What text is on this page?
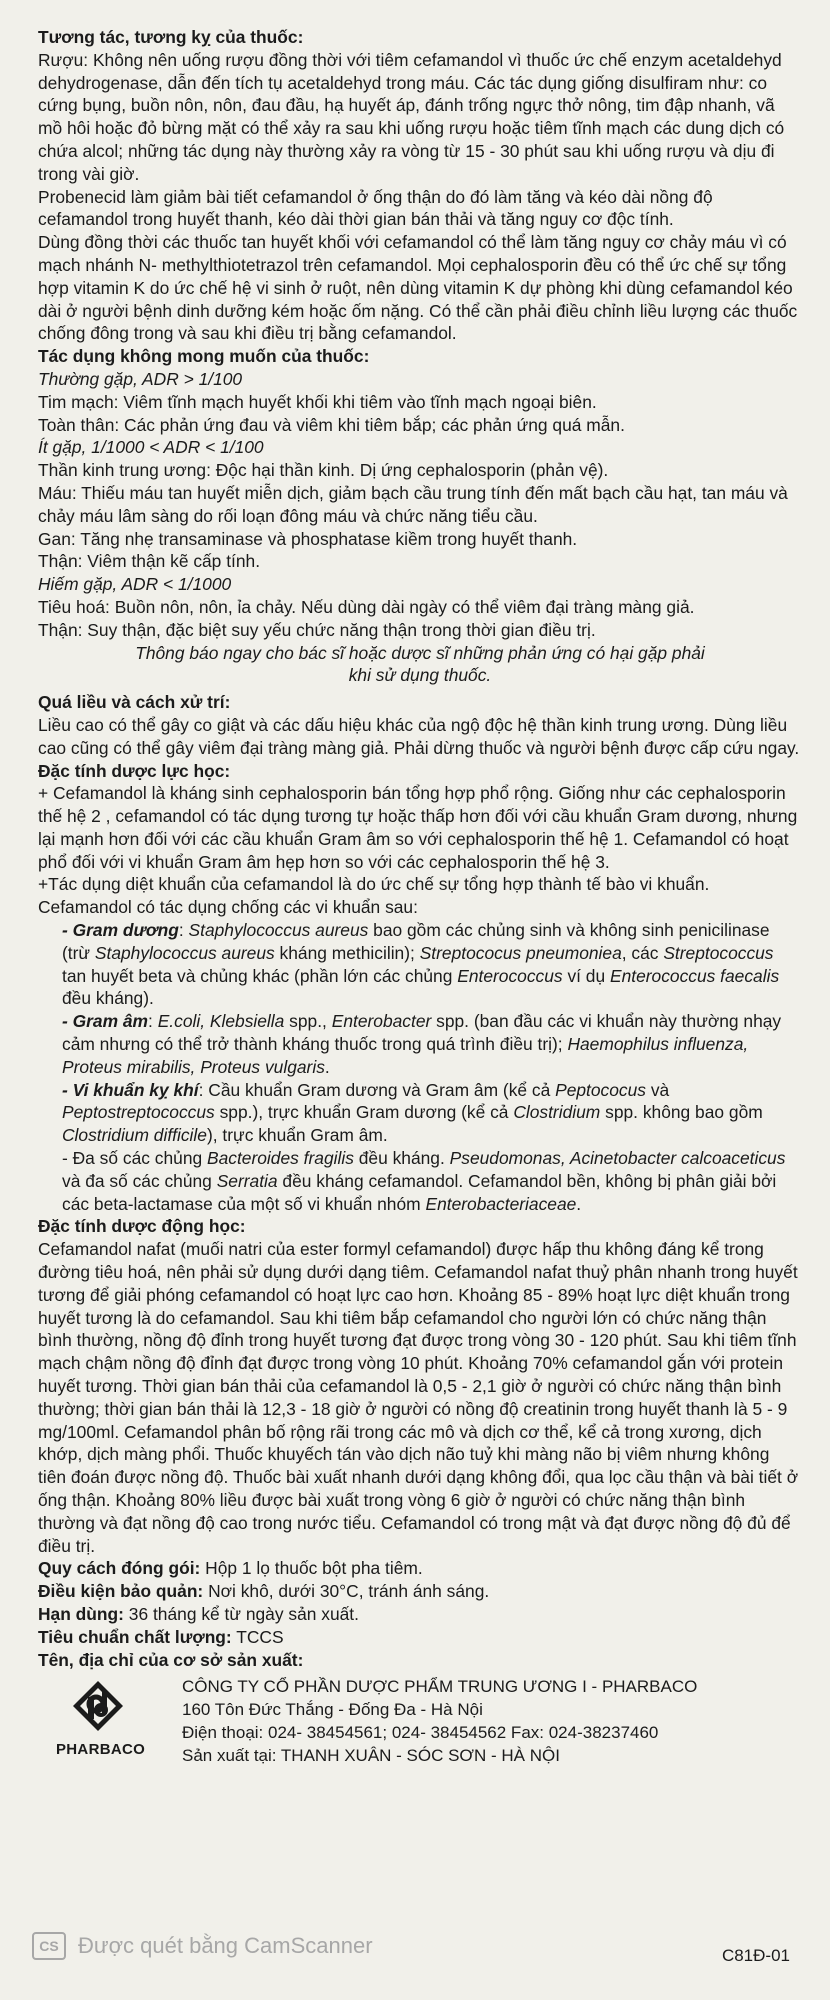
Tương tác, tương kỵ của thuốc:

Rượu: Không nên uống rượu đồng thời với tiêm cefamandol vì thuốc ức chế enzym acetaldehyd dehydrogenase, dẫn đến tích tụ acetaldehyd trong máu. Các tác dụng giống disulfiram như: co cứng bụng, buồn nôn, nôn, đau đầu, hạ huyết áp, đánh trống ngực thở nông, tim đập nhanh, vã mồ hôi hoặc đỏ bừng mặt có thể xảy ra sau khi uống rượu hoặc tiêm tĩnh mạch các dung dịch có chứa alcol; những tác dụng này thường xảy ra vòng từ 15 - 30 phút sau khi uống rượu và dịu đi trong vài giờ.

Probenecid làm giảm bài tiết cefamandol ở ống thận do đó làm tăng và kéo dài nồng độ cefamandol trong huyết thanh, kéo dài thời gian bán thải và tăng nguy cơ độc tính.

Dùng đồng thời các thuốc tan huyết khối với cefamandol có thể làm tăng nguy cơ chảy máu vì có mạch nhánh N- methylthiotetrazol trên cefamandol. Mọi cephalosporin đều có thể ức chế sự tổng hợp vitamin K do ức chế hệ vi sinh ở ruột, nên dùng vitamin K dự phòng khi dùng cefamandol kéo dài ở người bệnh dinh dưỡng kém hoặc ốm nặng. Có thể cần phải điều chỉnh liều lượng các thuốc chống đông trong và sau khi điều trị bằng cefamandol.

Tác dụng không mong muốn của thuốc:

Thường gặp, ADR > 1/100

Tim mạch: Viêm tĩnh mạch huyết khối khi tiêm vào tĩnh mạch ngoại biên.

Toàn thân: Các phản ứng đau và viêm khi tiêm bắp; các phản ứng quá mẫn.

Ít gặp, 1/1000 < ADR < 1/100

Thần kinh trung ương: Độc hại thần kinh. Dị ứng cephalosporin (phản vệ).

Máu: Thiếu máu tan huyết miễn dịch, giảm bạch cầu trung tính đến mất bạch cầu hạt, tan máu và chảy máu lâm sàng do rối loạn đông máu và chức năng tiểu cầu.

Gan: Tăng nhẹ transaminase và phosphatase kiềm trong huyết thanh.

Thận: Viêm thận kẽ cấp tính.

Hiếm gặp, ADR < 1/1000

Tiêu hoá: Buồn nôn, nôn, ỉa chảy. Nếu dùng dài ngày có thể viêm đại tràng màng giả.

Thận: Suy thận, đặc biệt suy yếu chức năng thận trong thời gian điều trị.

Thông báo ngay cho bác sĩ hoặc dược sĩ những phản ứng có hại gặp phải

khi sử dụng thuốc.

Quá liều và cách xử trí:

Liều cao có thể gây co giật và các dấu hiệu khác của ngộ độc hệ thần kinh trung ương. Dùng liều cao cũng có thể gây viêm đại tràng màng giả. Phải dừng thuốc và người bệnh được cấp cứu ngay.

Đặc tính dược lực học:

+ Cefamandol là kháng sinh cephalosporin bán tổng hợp phổ rộng. Giống như các cephalosporin thế hệ 2 , cefamandol có tác dụng tương tự hoặc thấp hơn đối với cầu khuẩn Gram dương, nhưng lại mạnh hơn đối với các cầu khuẩn Gram âm so với cephalosporin thế hệ 1. Cefamandol có hoạt phổ đối với vi khuẩn Gram âm hẹp hơn so với các cephalosporin thế hệ 3.

+Tác dụng diệt khuẩn của cefamandol là do ức chế sự tổng hợp thành tế bào vi khuẩn. Cefamandol có tác dụng chống các vi khuẩn sau:

- Gram dương: Staphylococcus aureus bao gồm các chủng sinh và không sinh penicilinase (trừ Staphylococcus aureus kháng methicilin); Streptococus pneumoniea, các Streptococcus tan huyết beta và chủng khác (phần lớn các chủng Enterococcus ví dụ Enterococcus faecalis đều kháng).

- Gram âm: E.coli, Klebsiella spp., Enterobacter spp. (ban đầu các vi khuẩn này thường nhạy cảm nhưng có thể trở thành kháng thuốc trong quá trình điều trị); Haemophilus influenza, Proteus mirabilis, Proteus vulgaris.

- Vi khuẩn kỵ khí: Cầu khuẩn Gram dương và Gram âm (kể cả Peptococus và Peptostreptococcus spp.), trực khuẩn Gram dương (kể cả Clostridium spp. không bao gồm Clostridium difficile), trực khuẩn Gram âm.

- Đa số các chủng Bacteroides fragilis đều kháng. Pseudomonas, Acinetobacter calcoaceticus và đa số các chủng Serratia đều kháng cefamandol. Cefamandol bền, không bị phân giải bởi các beta-lactamase của một số vi khuẩn nhóm Enterobacteriaceae.

Đặc tính dược động học:

Cefamandol nafat (muối natri của ester formyl cefamandol) được hấp thu không đáng kể trong đường tiêu hoá, nên phải sử dụng dưới dạng tiêm. Cefamandol nafat thuỷ phân nhanh trong huyết tương để giải phóng cefamandol có hoạt lực cao hơn. Khoảng 85 - 89% hoạt lực diệt khuẩn trong huyết tương là do cefamandol. Sau khi tiêm bắp cefamandol cho người lớn có chức năng thận bình thường, nồng độ đỉnh trong huyết tương đạt được trong vòng 30 - 120 phút. Sau khi tiêm tĩnh mạch chậm nồng độ đỉnh đạt được trong vòng 10 phút. Khoảng 70% cefamandol gắn với protein huyết tương. Thời gian bán thải của cefamandol là 0,5 - 2,1 giờ ở người có chức năng thận bình thường; thời gian bán thải là 12,3 - 18 giờ ở người có nồng độ creatinin trong huyết thanh là 5 - 9 mg/100ml. Cefamandol phân bố rộng rãi trong các mô và dịch cơ thể, kể cả trong xương, dịch khớp, dịch màng phổi. Thuốc khuyếch tán vào dịch não tuỷ khi màng não bị viêm nhưng không tiên đoán được nồng độ. Thuốc bài xuất nhanh dưới dạng không đổi, qua lọc cầu thận và bài tiết ở ống thận. Khoảng 80% liều được bài xuất trong vòng 6 giờ ở người có chức năng thận bình thường và đạt nồng độ cao trong nước tiểu. Cefamandol có trong mật và đạt được nồng độ đủ để điều trị.

Quy cách đóng gói: Hộp 1 lọ thuốc bột pha tiêm.

Điều kiện bảo quản: Nơi khô, dưới 30°C, tránh ánh sáng.

Hạn dùng: 36 tháng kể từ ngày sản xuất.

Tiêu chuẩn chất lượng: TCCS

Tên, địa chỉ của cơ sở sản xuất:

PHARBACO
CÔNG TY CỔ PHẦN DƯỢC PHẨM TRUNG ƯƠNG I - PHARBACO
160 Tôn Đức Thắng - Đống Đa - Hà Nội
Điện thoại: 024- 38454561; 024- 38454562 Fax: 024-38237460
Sản xuất tại: THANH XUÂN - SÓC SƠN - HÀ NỘI
CS Được quét bằng CamScanner	C81Đ-01
